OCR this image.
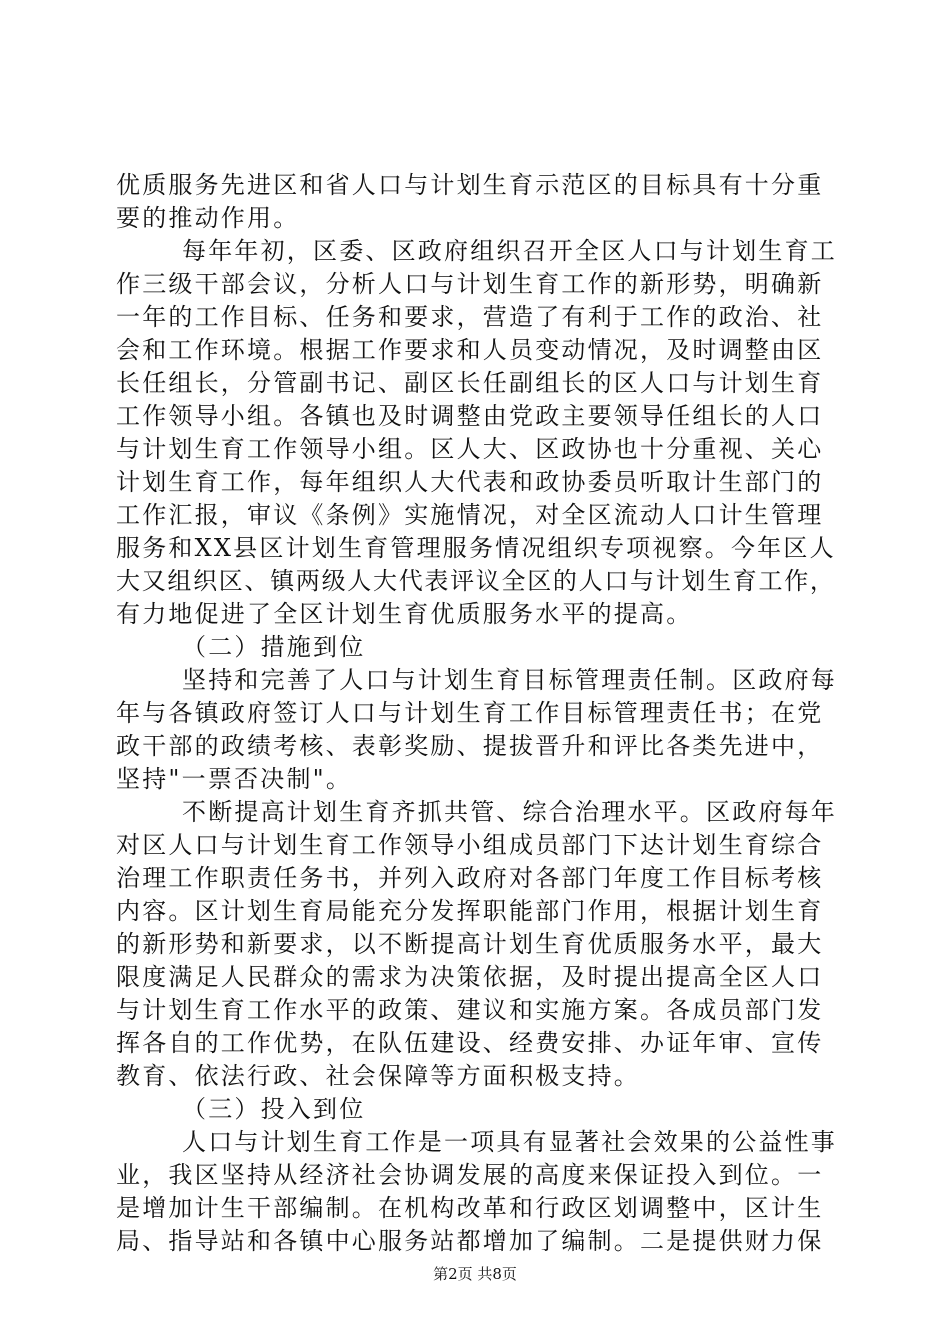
优质服务先进区和省人口与计划生育示范区的目标具有十分重
要的推动作用。
每年年初，区委、区政府组织召开全区人口与计划生育工
作三级干部会议，分析人口与计划生育工作的新形势，明确新
一年的工作目标、任务和要求，营造了有利于工作的政治、社
会和工作环境。根据工作要求和人员变动情况，及时调整由区
长任组长，分管副书记、副区长任副组长的区人口与计划生育
工作领导小组。各镇也及时调整由党政主要领导任组长的人口
与计划生育工作领导小组。区人大、区政协也十分重视、关心
计划生育工作，每年组织人大代表和政协委员听取计生部门的
工作汇报，审议《条例》实施情况，对全区流动人口计生管理
服务和XX县区计划生育管理服务情况组织专项视察。今年区人
大又组织区、镇两级人大代表评议全区的人口与计划生育工作，
有力地促进了全区计划生育优质服务水平的提高。
（二）措施到位
坚持和完善了人口与计划生育目标管理责任制。区政府每
年与各镇政府签订人口与计划生育工作目标管理责任书；在党
政干部的政绩考核、表彰奖励、提拔晋升和评比各类先进中，
坚持"一票否决制"。
不断提高计划生育齐抓共管、综合治理水平。区政府每年
对区人口与计划生育工作领导小组成员部门下达计划生育综合
治理工作职责任务书，并列入政府对各部门年度工作目标考核
内容。区计划生育局能充分发挥职能部门作用，根据计划生育
的新形势和新要求，以不断提高计划生育优质服务水平，最大
限度满足人民群众的需求为决策依据，及时提出提高全区人口
与计划生育工作水平的政策、建议和实施方案。各成员部门发
挥各自的工作优势，在队伍建设、经费安排、办证年审、宣传
教育、依法行政、社会保障等方面积极支持。
（三）投入到位
人口与计划生育工作是一项具有显著社会效果的公益性事
业，我区坚持从经济社会协调发展的高度来保证投入到位。一
是增加计生干部编制。在机构改革和行政区划调整中，区计生
局、指导站和各镇中心服务站都增加了编制。二是提供财力保
第2页 共8页
